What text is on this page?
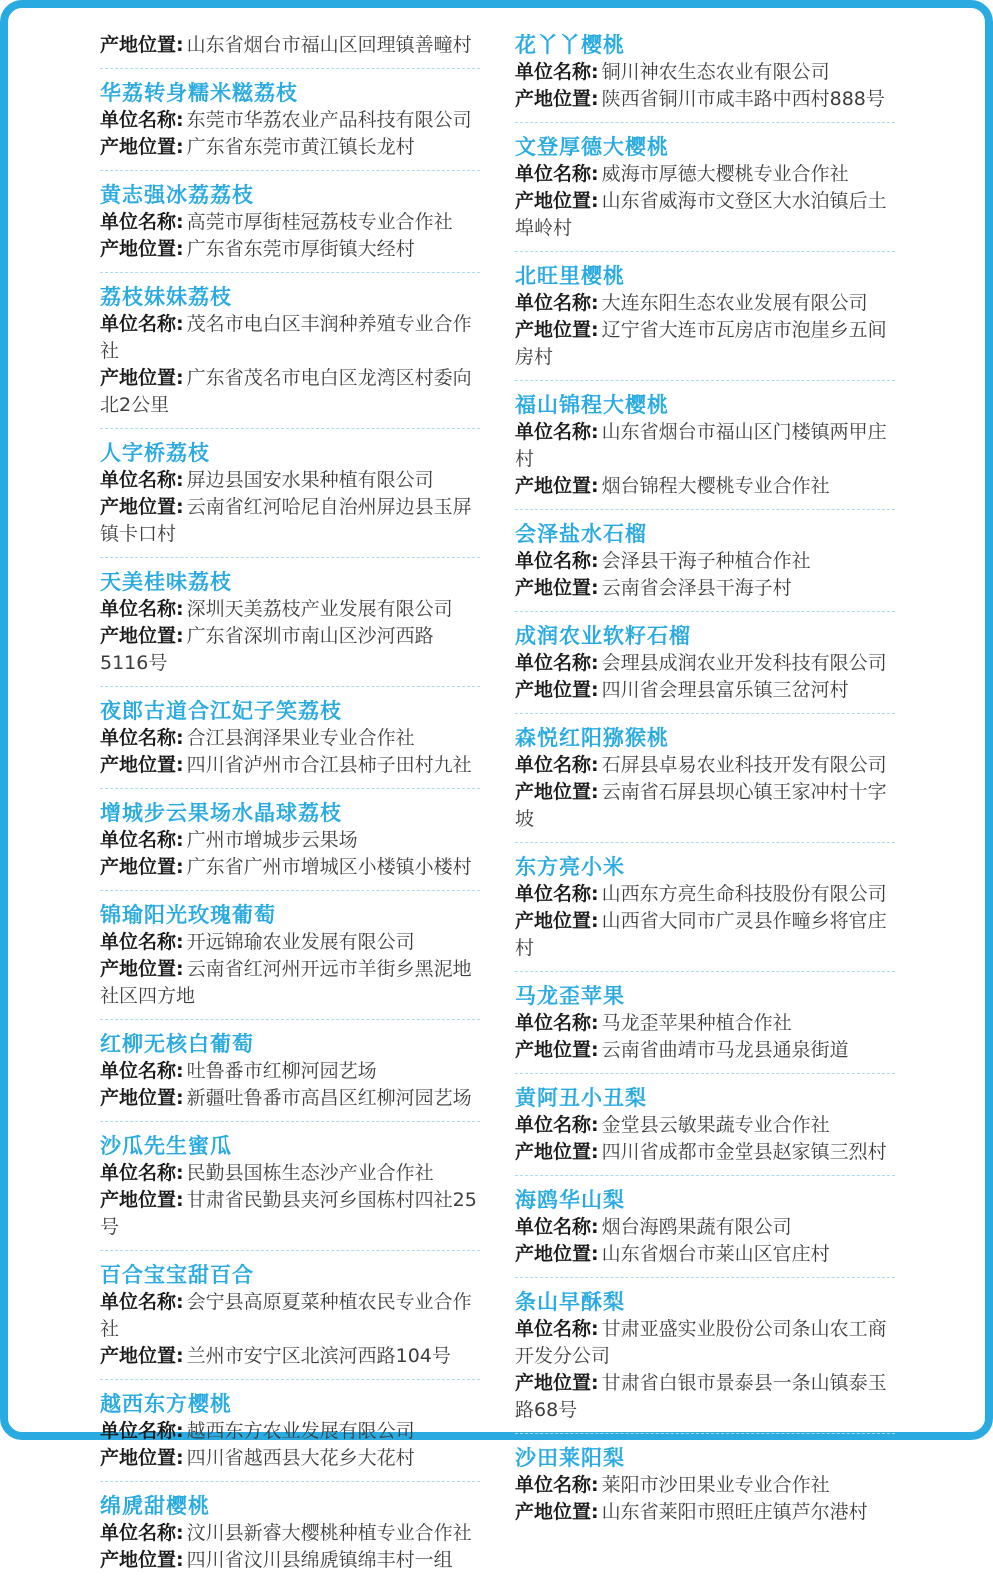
产地位置: 山东省烟台市福山区回理镇善疃村
华荔转身糯米糍荔枝
单位名称: 东莞市华荔农业产品科技有限公司
产地位置: 广东省东莞市黄江镇长龙村
黄志强冰荔荔枝
单位名称: 高莞市厚街桂冠荔枝专业合作社
产地位置: 广东省东莞市厚街镇大经村
荔枝妹妹荔枝
单位名称: 茂名市电白区丰润种养殖专业合作社
产地位置: 广东省茂名市电白区龙湾区村委向北2公里
人字桥荔枝
单位名称: 屏边县国安水果种植有限公司
产地位置: 云南省红河哈尼自治州屏边县玉屏镇卡口村
天美桂味荔枝
单位名称: 深圳天美荔枝产业发展有限公司
产地位置: 广东省深圳市南山区沙河西路5116号
夜郎古道合江妃子笑荔枝
单位名称: 合江县润泽果业专业合作社
产地位置: 四川省泸州市合江县柿子田村九社
增城步云果场水晶球荔枝
单位名称: 广州市增城步云果场
产地位置: 广东省广州市增城区小楼镇小楼村
锦瑜阳光玫瑰葡萄
单位名称: 开远锦瑜农业发展有限公司
产地位置: 云南省红河州开远市羊街乡黑泥地社区四方地
红柳无核白葡萄
单位名称: 吐鲁番市红柳河园艺场
产地位置: 新疆吐鲁番市高昌区红柳河园艺场
沙瓜先生蜜瓜
单位名称: 民勤县国栋生态沙产业合作社
产地位置: 甘肃省民勤县夹河乡国栋村四社25号
百合宝宝甜百合
单位名称: 会宁县高原夏菜种植农民专业合作社
产地位置: 兰州市安宁区北滨河西路104号
越西东方樱桃
单位名称: 越西东方农业发展有限公司
产地位置: 四川省越西县大花乡大花村
绵虒甜樱桃
单位名称: 汶川县新睿大樱桃种植专业合作社
产地位置: 四川省汶川县绵虒镇绵丰村一组
花丫丫樱桃
单位名称: 铜川神农生态农业有限公司
产地位置: 陕西省铜川市咸丰路中西村888号
文登厚德大樱桃
单位名称: 威海市厚德大樱桃专业合作社
产地位置: 山东省威海市文登区大水泊镇后土埠岭村
北旺里樱桃
单位名称: 大连东阳生态农业发展有限公司
产地位置: 辽宁省大连市瓦房店市泡崖乡五间房村
福山锦程大樱桃
单位名称: 山东省烟台市福山区门楼镇两甲庄村
产地位置: 烟台锦程大樱桃专业合作社
会泽盐水石榴
单位名称: 会泽县干海子种植合作社
产地位置: 云南省会泽县干海子村
成润农业软籽石榴
单位名称: 会理县成润农业开发科技有限公司
产地位置: 四川省会理县富乐镇三岔河村
森悦红阳猕猴桃
单位名称: 石屏县卓易农业科技开发有限公司
产地位置: 云南省石屏县坝心镇王家冲村十字坡
东方亮小米
单位名称: 山西东方亮生命科技股份有限公司
产地位置: 山西省大同市广灵县作疃乡将官庄村
马龙歪苹果
单位名称: 马龙歪苹果种植合作社
产地位置: 云南省曲靖市马龙县通泉街道
黄阿丑小丑梨
单位名称: 金堂县云敏果蔬专业合作社
产地位置: 四川省成都市金堂县赵家镇三烈村
海鸥华山梨
单位名称: 烟台海鸥果蔬有限公司
产地位置: 山东省烟台市莱山区官庄村
条山早酥梨
单位名称: 甘肃亚盛实业股份公司条山农工商开发分公司
产地位置: 甘肃省白银市景泰县一条山镇泰玉路68号
沙田莱阳梨
单位名称: 莱阳市沙田果业专业合作社
产地位置: 山东省莱阳市照旺庄镇芦尔港村
